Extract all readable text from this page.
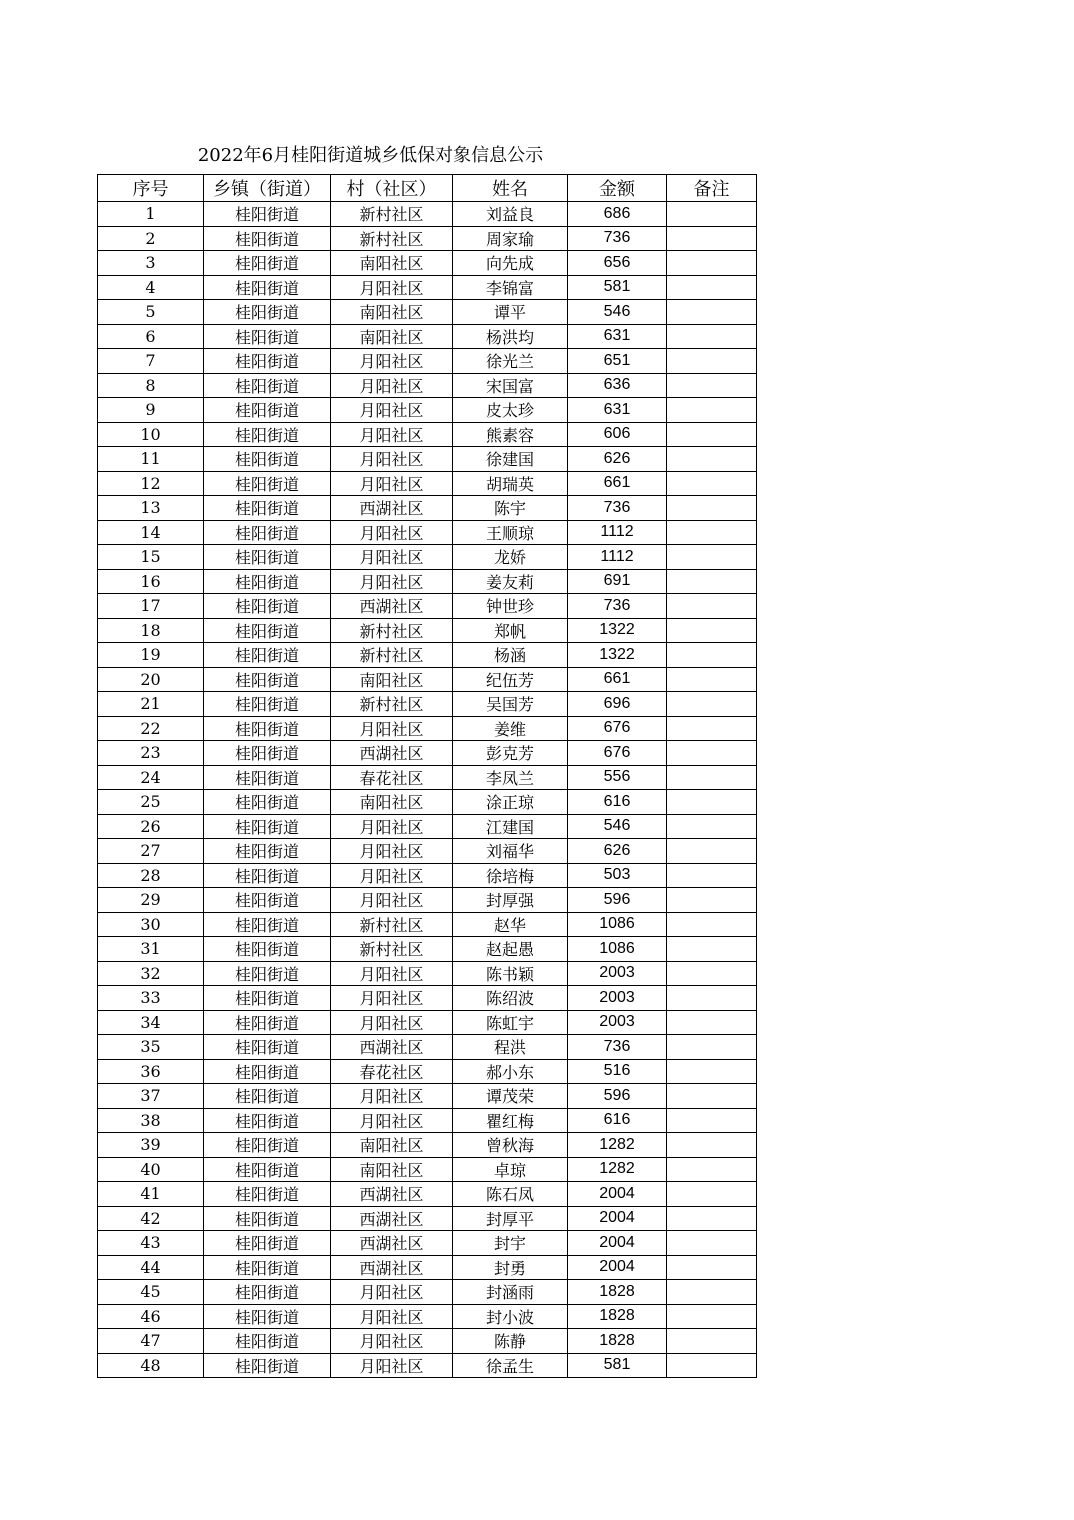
2022年6月桂阳街道城乡低保对象信息公示
序号	乡镇（街道）	村（社区）	姓名	金额	备注
1	桂阳街道	新村社区	刘益良	686	
2	桂阳街道	新村社区	周家瑜	736	
3	桂阳街道	南阳社区	向先成	656	
4	桂阳街道	月阳社区	李锦富	581	
5	桂阳街道	南阳社区	谭平	546	
6	桂阳街道	南阳社区	杨洪均	631	
7	桂阳街道	月阳社区	徐光兰	651	
8	桂阳街道	月阳社区	宋国富	636	
9	桂阳街道	月阳社区	皮太珍	631	
10	桂阳街道	月阳社区	熊素容	606	
11	桂阳街道	月阳社区	徐建国	626	
12	桂阳街道	月阳社区	胡瑞英	661	
13	桂阳街道	西湖社区	陈宇	736	
14	桂阳街道	月阳社区	王顺琼	1112	
15	桂阳街道	月阳社区	龙娇	1112	
16	桂阳街道	月阳社区	姜友莉	691	
17	桂阳街道	西湖社区	钟世珍	736	
18	桂阳街道	新村社区	郑帆	1322	
19	桂阳街道	新村社区	杨涵	1322	
20	桂阳街道	南阳社区	纪伍芳	661	
21	桂阳街道	新村社区	吴国芳	696	
22	桂阳街道	月阳社区	姜维	676	
23	桂阳街道	西湖社区	彭克芳	676	
24	桂阳街道	春花社区	李凤兰	556	
25	桂阳街道	南阳社区	涂正琼	616	
26	桂阳街道	月阳社区	江建国	546	
27	桂阳街道	月阳社区	刘福华	626	
28	桂阳街道	月阳社区	徐培梅	503	
29	桂阳街道	月阳社区	封厚强	596	
30	桂阳街道	新村社区	赵华	1086	
31	桂阳街道	新村社区	赵起愚	1086	
32	桂阳街道	月阳社区	陈书颖	2003	
33	桂阳街道	月阳社区	陈绍波	2003	
34	桂阳街道	月阳社区	陈虹宇	2003	
35	桂阳街道	西湖社区	程洪	736	
36	桂阳街道	春花社区	郝小东	516	
37	桂阳街道	月阳社区	谭茂荣	596	
38	桂阳街道	月阳社区	瞿红梅	616	
39	桂阳街道	南阳社区	曾秋海	1282	
40	桂阳街道	南阳社区	卓琼	1282	
41	桂阳街道	西湖社区	陈石凤	2004	
42	桂阳街道	西湖社区	封厚平	2004	
43	桂阳街道	西湖社区	封宇	2004	
44	桂阳街道	西湖社区	封勇	2004	
45	桂阳街道	月阳社区	封涵雨	1828	
46	桂阳街道	月阳社区	封小波	1828	
47	桂阳街道	月阳社区	陈静	1828	
48	桂阳街道	月阳社区	徐孟生	581	
